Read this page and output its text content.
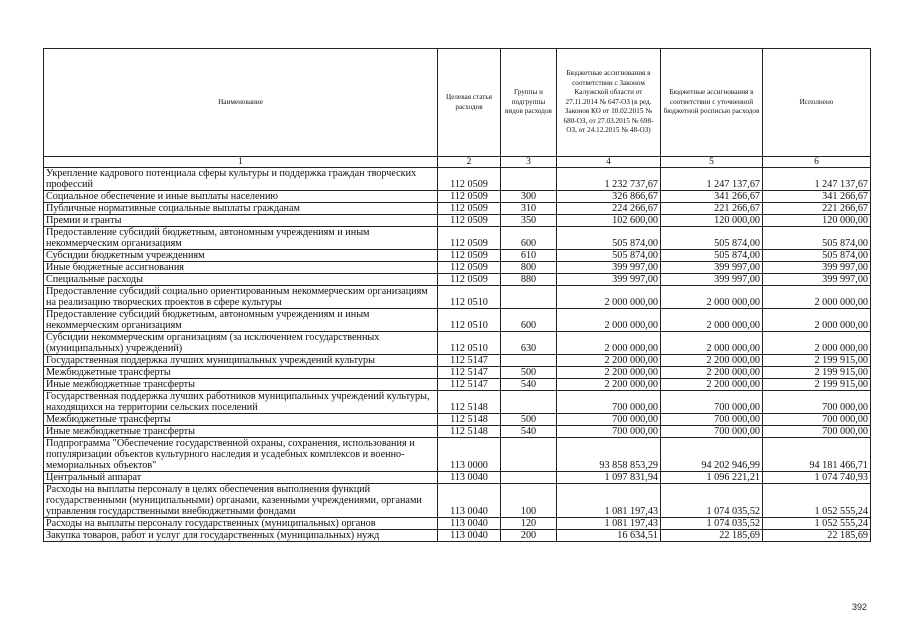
Наименование	Целевая статья расходов	Группы и подгруппы видов расходов	Бюджетные ассигнования в соответствии с Законом Калужской области от 27.11.2014 № 647-ОЗ (в ред. Законов КО от 10.02.2015 № 680-ОЗ, от 27.03.2015 № 698-ОЗ, от 24.12.2015 № 48-ОЗ)	Бюджетные ассигнования в соответствии с уточненной бюджетной росписью расходов	Исполнено
1	2	3	4	5	6
Укрепление кадрового потенциала сферы культуры и поддержка граждан творческих профессий	112 0509		1 232 737,67	1 247 137,67	1 247 137,67
Социальное обеспечение и иные выплаты населению	112 0509	300	326 866,67	341 266,67	341 266,67
Публичные нормативные социальные выплаты гражданам	112 0509	310	224 266,67	221 266,67	221 266,67
Премии и гранты	112 0509	350	102 600,00	120 000,00	120 000,00
Предоставление субсидий бюджетным, автономным учреждениям и иным некоммерческим организациям	112 0509	600	505 874,00	505 874,00	505 874,00
Субсидии бюджетным учреждениям	112 0509	610	505 874,00	505 874,00	505 874,00
Иные бюджетные ассигнования	112 0509	800	399 997,00	399 997,00	399 997,00
Специальные расходы	112 0509	880	399 997,00	399 997,00	399 997,00
Предоставление субсидий социально ориентированным некоммерческим организациям на реализацию творческих проектов в сфере культуры	112 0510		2 000 000,00	2 000 000,00	2 000 000,00
Предоставление субсидий бюджетным, автономным учреждениям и иным некоммерческим организациям	112 0510	600	2 000 000,00	2 000 000,00	2 000 000,00
Субсидии некоммерческим организациям (за исключением государственных (муниципальных) учреждений)	112 0510	630	2 000 000,00	2 000 000,00	2 000 000,00
Государственная поддержка лучших муниципальных учреждений культуры	112 5147		2 200 000,00	2 200 000,00	2 199 915,00
Межбюджетные трансферты	112 5147	500	2 200 000,00	2 200 000,00	2 199 915,00
Иные межбюджетные трансферты	112 5147	540	2 200 000,00	2 200 000,00	2 199 915,00
Государственная поддержка лучших работников муниципальных учреждений культуры, находящихся на территории сельских поселений	112 5148		700 000,00	700 000,00	700 000,00
Межбюджетные трансферты	112 5148	500	700 000,00	700 000,00	700 000,00
Иные межбюджетные трансферты	112 5148	540	700 000,00	700 000,00	700 000,00
Подпрограмма "Обеспечение государственной охраны, сохранения, использования и популяризации объектов культурного наследия и усадебных комплексов и военно-мемориальных объектов"	113 0000		93 858 853,29	94 202 946,99	94 181 466,71
Центральный аппарат	113 0040		1 097 831,94	1 096 221,21	1 074 740,93
Расходы на выплаты персоналу в целях обеспечения выполнения функций государственными (муниципальными) органами, казенными учреждениями, органами управления государственными внебюджетными фондами	113 0040	100	1 081 197,43	1 074 035,52	1 052 555,24
Расходы на выплаты персоналу государственных (муниципальных) органов	113 0040	120	1 081 197,43	1 074 035,52	1 052 555,24
Закупка товаров, работ и услуг для государственных (муниципальных) нужд	113 0040	200	16 634,51	22 185,69	22 185,69
392
